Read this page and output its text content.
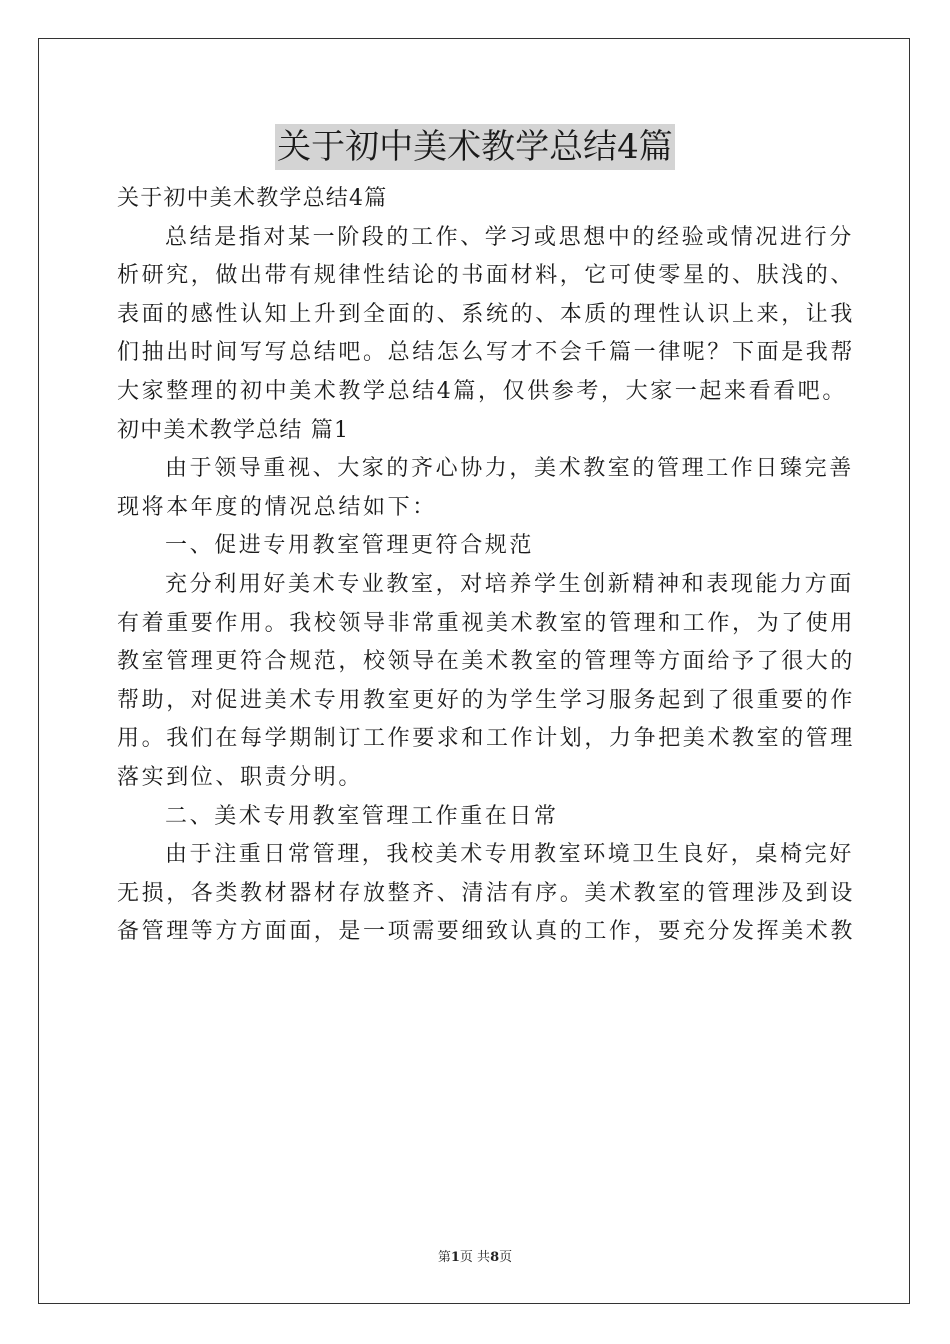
关于初中美术教学总结4篇
关于初中美术教学总结4篇
总结是指对某一阶段的工作、学习或思想中的经验或情况进行分
析研究，做出带有规律性结论的书面材料，它可使零星的、肤浅的、
表面的感性认知上升到全面的、系统的、本质的理性认识上来，让我
们抽出时间写写总结吧。总结怎么写才不会千篇一律呢？下面是我帮
大家整理的初中美术教学总结4篇，仅供参考，大家一起来看看吧。
初中美术教学总结 篇1
由于领导重视、大家的齐心协力，美术教室的管理工作日臻完善
现将本年度的情况总结如下：
一、促进专用教室管理更符合规范
充分利用好美术专业教室，对培养学生创新精神和表现能力方面
有着重要作用。我校领导非常重视美术教室的管理和工作，为了使用
教室管理更符合规范，校领导在美术教室的管理等方面给予了很大的
帮助，对促进美术专用教室更好的为学生学习服务起到了很重要的作
用。我们在每学期制订工作要求和工作计划，力争把美术教室的管理
落实到位、职责分明。
二、美术专用教室管理工作重在日常
由于注重日常管理，我校美术专用教室环境卫生良好，桌椅完好
无损，各类教材器材存放整齐、清洁有序。美术教室的管理涉及到设
备管理等方方面面，是一项需要细致认真的工作，要充分发挥美术教
第1页 共8页
